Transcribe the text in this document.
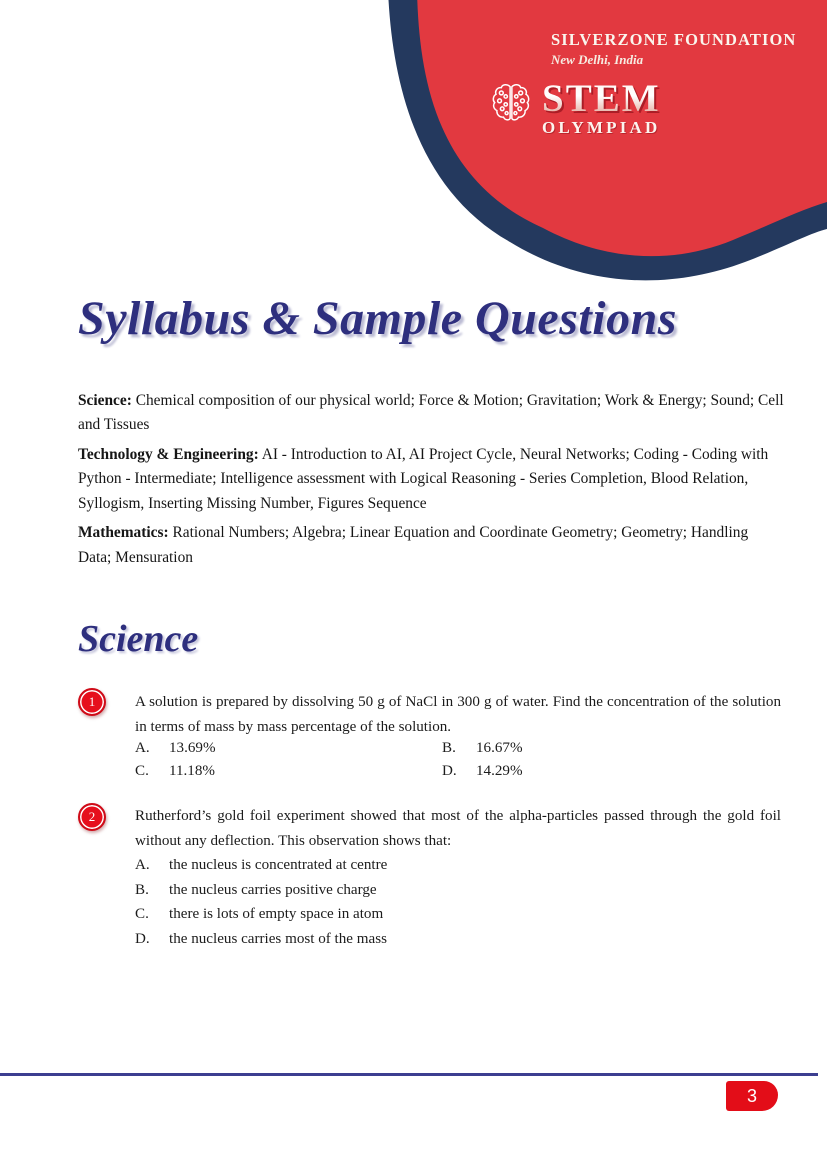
SILVERZONE FOUNDATION
New Delhi, India
STEM
OLYMPIAD
Syllabus & Sample Questions

Science: Chemical composition of our physical world; Force & Motion; Gravitation; Work & Energy; Sound; Cell and Tissues

Technology & Engineering: AI - Introduction to AI, AI Project Cycle, Neural Networks; Coding - Coding with Python - Intermediate; Intelligence assessment with Logical Reasoning - Series Completion, Blood Relation, Syllogism, Inserting Missing Number, Figures Sequence

Mathematics: Rational Numbers; Algebra; Linear Equation and Coordinate Geometry; Geometry; Handling Data; Mensuration

Science
1	A solution is prepared by dissolving 50 g of NaCl in 300 g of water. Find the concentration of the solution in terms of mass by mass percentage of the solution.
A. 13.69%	B. 16.67%
C. 11.18%	D. 14.29%
2	Rutherford’s gold foil experiment showed that most of the alpha-particles passed through the gold foil without any deflection. This observation shows that:
A. the nucleus is concentrated at centre
B. the nucleus carries positive charge
C. there is lots of empty space in atom
D. the nucleus carries most of the mass
3
